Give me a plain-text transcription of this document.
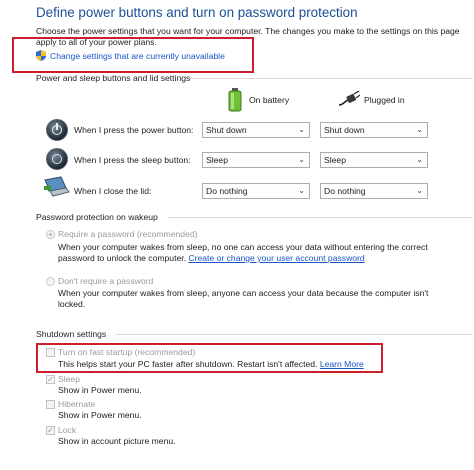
Define power buttons and turn on password protection
Choose the power settings that you want for your computer. The changes you make to the settings on this page apply to all of your power plans.
Change settings that are currently unavailable
Power and sleep buttons and lid settings
On battery	Plugged in
When I press the power button:	Shut down	⌄	Shut down	⌄
When I press the sleep button:	Sleep	⌄	Sleep	⌄
When I close the lid:	Do nothing	⌄	Do nothing	⌄
Password protection on wakeup
Require a password (recommended)
When your computer wakes from sleep, no one can access your data without entering the correct
password to unlock the computer. Create or change your user account password
Don't require a password
When your computer wakes from sleep, anyone can access your data because the computer isn't
locked.
Shutdown settings
Turn on fast startup (recommended)
This helps start your PC faster after shutdown. Restart isn't affected. Learn More
✓ Sleep
Show in Power menu.
Hibernate
Show in Power menu.
✓ Lock
Show in account picture menu.
